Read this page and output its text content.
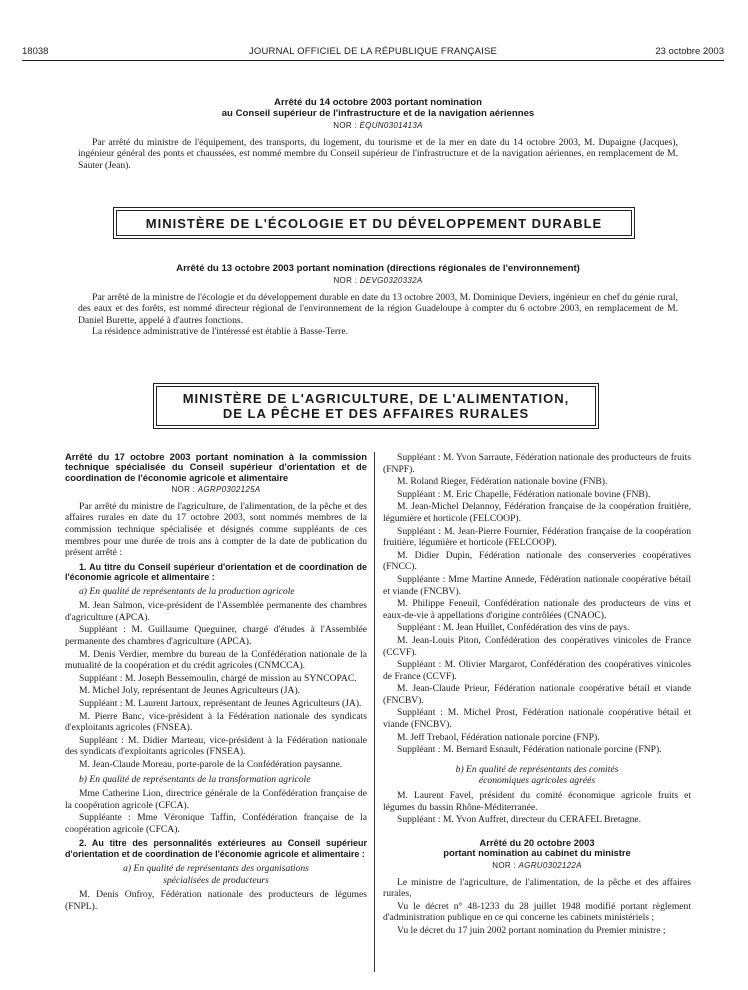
18038	JOURNAL OFFICIEL DE LA RÉPUBLIQUE FRANÇAISE	23 octobre 2003

Arrêté du 14 octobre 2003 portant nomination

au Conseil supérieur de l'infrastructure et de la navigation aériennes

NOR : ÉQUN0301413A

Par arrêté du ministre de l'équipement, des transports, du logement, du tourisme et de la mer en date du 14 octobre 2003, M. Dupaigne (Jacques), ingénieur général des ponts et chaussées, est nommé membre du Conseil supérieur de l'infrastructure et de la navigation aériennes, en remplacement de M. Sauter (Jean).

MINISTÈRE DE L'ÉCOLOGIE ET DU DÉVELOPPEMENT DURABLE

Arrêté du 13 octobre 2003 portant nomination (directions régionales de l'environnement)

NOR : DEVG0320332A

Par arrêté de la ministre de l'écologie et du développement durable en date du 13 octobre 2003, M. Dominique Deviers, ingénieur en chef du génie rural, des eaux et des forêts, est nommé directeur régional de l'environnement de la région Guadeloupe à compter du 6 octobre 2003, en remplacement de M. Daniel Burette, appelé à d'autres fonctions.

La résidence administrative de l'intéressé est établie à Basse-Terre.

MINISTÈRE DE L'AGRICULTURE, DE L'ALIMENTATION,
DE LA PÊCHE ET DES AFFAIRES RURALES

Arrêté du 17 octobre 2003 portant nomination à la commission technique spécialisée du Conseil supérieur d'orientation et de coordination de l'économie agricole et alimentaire

NOR : AGRP0302125A

Par arrêté du ministre de l'agriculture, de l'alimentation, de la pêche et des affaires rurales en date du 17 octobre 2003, sont nommés membres de la commission technique spécialisée et désignés comme suppléants de ces membres pour une durée de trois ans à compter de la date de publication du présent arrêté :

1. Au titre du Conseil supérieur d'orientation et de coordination de l'économie agricole et alimentaire :

a) En qualité de représentants de la production agricole

M. Jean Salmon, vice-président de l'Assemblée permanente des chambres d'agriculture (APCA).

Suppléant : M. Guillaume Queguiner, chargé d'études à l'Assemblée permanente des chambres d'agriculture (APCA).

M. Denis Verdier, membre du bureau de la Confédération nationale de la mutualité de la coopération et du crédit agricoles (CNMCCA).

Suppléant : M. Joseph Bessemoulin, chargé de mission au SYNCOPAC.

M. Michel Joly, représentant de Jeunes Agriculteurs (JA).

Suppléant : M. Laurent Jartoux, représentant de Jeunes Agriculteurs (JA).

M. Pierre Banc, vice-président à la Fédération nationale des syndicats d'exploitants agricoles (FNSEA).

Suppléant : M. Didier Marteau, vice-président à la Fédération nationale des syndicats d'exploitants agricoles (FNSEA).

M. Jean-Claude Moreau, porte-parole de la Confédération paysanne.

b) En qualité de représentants de la transformation agricole

Mme Catherine Lion, directrice générale de la Confédération française de la coopération agricole (CFCA).

Suppléante : Mme Véronique Taffin, Confédération française de la coopération agricole (CFCA).

2. Au titre des personnalités extérieures au Conseil supérieur d'orientation et de coordination de l'économie agricole et alimentaire :

a) En qualité de représentants des organisations
spécialisées de producteurs

M. Denis Onfroy, Fédération nationale des producteurs de légumes (FNPL).

Suppléant : M. Yvon Sarraute, Fédération nationale des producteurs de fruits (FNPF).

M. Roland Rieger, Fédération nationale bovine (FNB).

Suppléant : M. Eric Chapelle, Fédération nationale bovine (FNB).

M. Jean-Michel Delannoy, Fédération française de la coopération fruitière, légumière et horticole (FELCOOP).

Suppléant : M. Jean-Pierre Fournier, Fédération française de la coopération fruitière, légumière et horticole (FELCOOP).

M. Didier Dupin, Fédération nationale des conserveries coopératives (FNCC).

Suppléante : Mme Martine Annede, Fédération nationale coopérative bétail et viande (FNCBV).

M. Philippe Feneuil, Confédération nationale des producteurs de vins et eaux-de-vie à appellations d'origine contrôlées (CNAOC).

Suppléant : M. Jean Huillet, Confédération des vins de pays.

M. Jean-Louis Piton, Confédération des coopératives vinicoles de France (CCVF).

Suppléant : M. Olivier Margarot, Confédération des coopératives vinicoles de France (CCVF).

M. Jean-Claude Prieur, Fédération nationale coopérative bétail et viande (FNCBV).

Suppléant : M. Michel Prost, Fédération nationale coopérative bétail et viande (FNCBV).

M. Jeff Trebaol, Fédération nationale porcine (FNP).

Suppléant : M. Bernard Esnault, Fédération nationale porcine (FNP).

b) En qualité de représentants des comités
économiques agricoles agréés

M. Laurent Favel, président du comité économique agricole fruits et légumes du bassin Rhône-Méditerranée.

Suppléant : M. Yvon Auffret, directeur du CERAFEL Bretagne.

Arrêté du 20 octobre 2003

portant nomination au cabinet du ministre

NOR : AGRU0302122A

Le ministre de l'agriculture, de l'alimentation, de la pêche et des affaires rurales,

Vu le décret n° 48-1233 du 28 juillet 1948 modifié portant règlement d'administration publique en ce qui concerne les cabinets ministériels ;

Vu le décret du 17 juin 2002 portant nomination du Premier ministre ;
